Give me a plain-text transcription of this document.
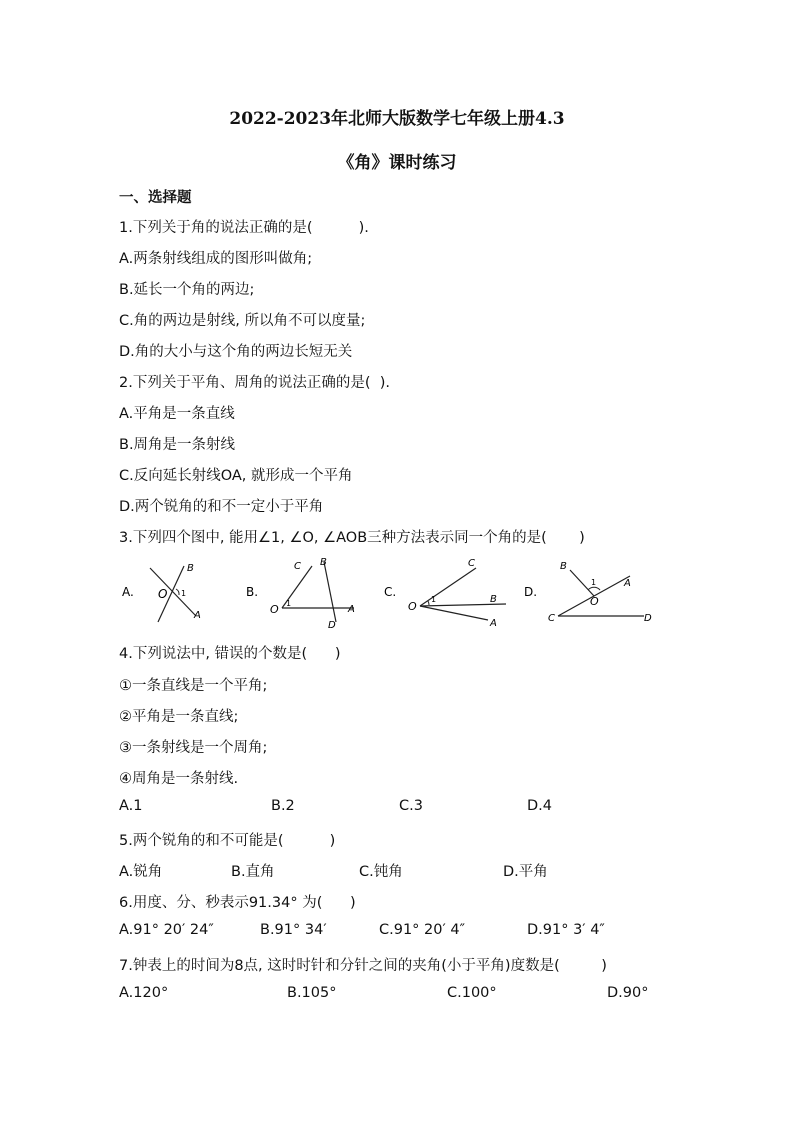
2022-2023年北师大版数学七年级上册4.3
《角》课时练习
一、选择题
1.下列关于角的说法正确的是(          ).
A.两条射线组成的图形叫做角;
B.延长一个角的两边;
C.角的两边是射线, 所以角不可以度量;
D.角的大小与这个角的两边长短无关
2.下列关于平角、周角的说法正确的是(  ).
A.平角是一条直线
B.周角是一条射线
C.反向延长射线OA, 就形成一个平角
D.两个锐角的和不一定小于平角
3.下列四个图中, 能用∠1, ∠O, ∠AOB三种方法表示同一个角的是(       )
A.
B
O 1
A
B.
C B
O 1
A
D
C.
C
O
1	B
A
D.
B
1
O
A
C	D
4.下列说法中, 错误的个数是(      )
①一条直线是一个平角;
②平角是一条直线;
③一条射线是一个周角;
④周角是一条射线.
A.1	B.2	C.3	D.4
5.两个锐角的和不可能是(          )
A.锐角	B.直角	C.钝角	D.平角
6.用度、分、秒表示91.34° 为(      )
A.91° 20′ 24″	B.91° 34′	C.91° 20′ 4″	D.91° 3′ 4″
7.钟表上的时间为8点, 这时时针和分针之间的夹角(小于平角)度数是(         )
A.120°	B.105°	C.100°	D.90°
